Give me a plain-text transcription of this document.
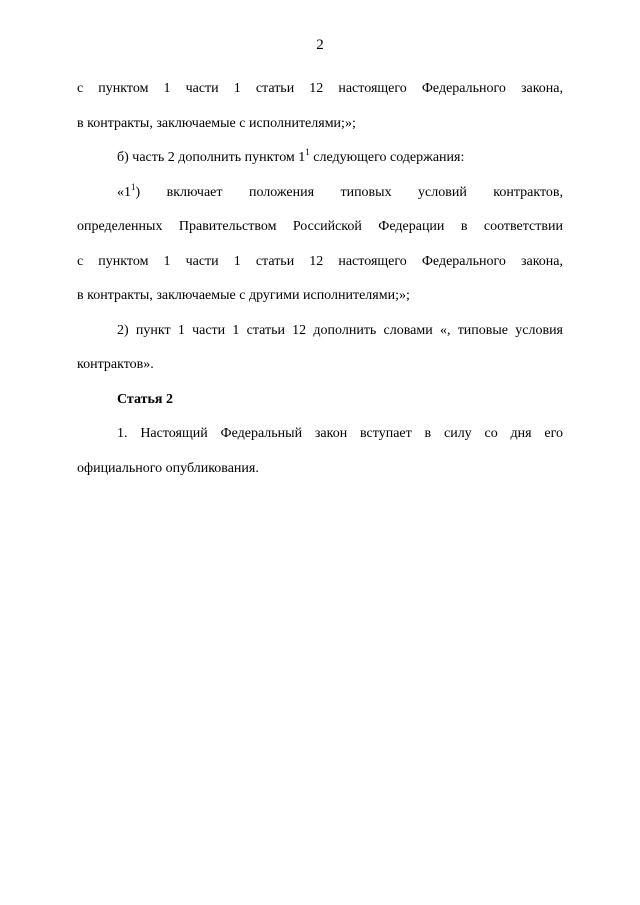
2

с пунктом 1 части 1 статьи 12 настоящего Федерального закона,

в контракты, заключаемые с исполнителями;»;

б) часть 2 дополнить пунктом $1^1$ следующего содержания:

«$1^1$) включает положения типовых условий контрактов,

определенных Правительством Российской Федерации в соответствии

с пунктом 1 части 1 статьи 12 настоящего Федерального закона,

в контракты, заключаемые с другими исполнителями;»;

2) пункт 1 части 1 статьи 12 дополнить словами «, типовые условия контрактов».

Статья 2

1. Настоящий Федеральный закон вступает в силу со дня его официального опубликования.
